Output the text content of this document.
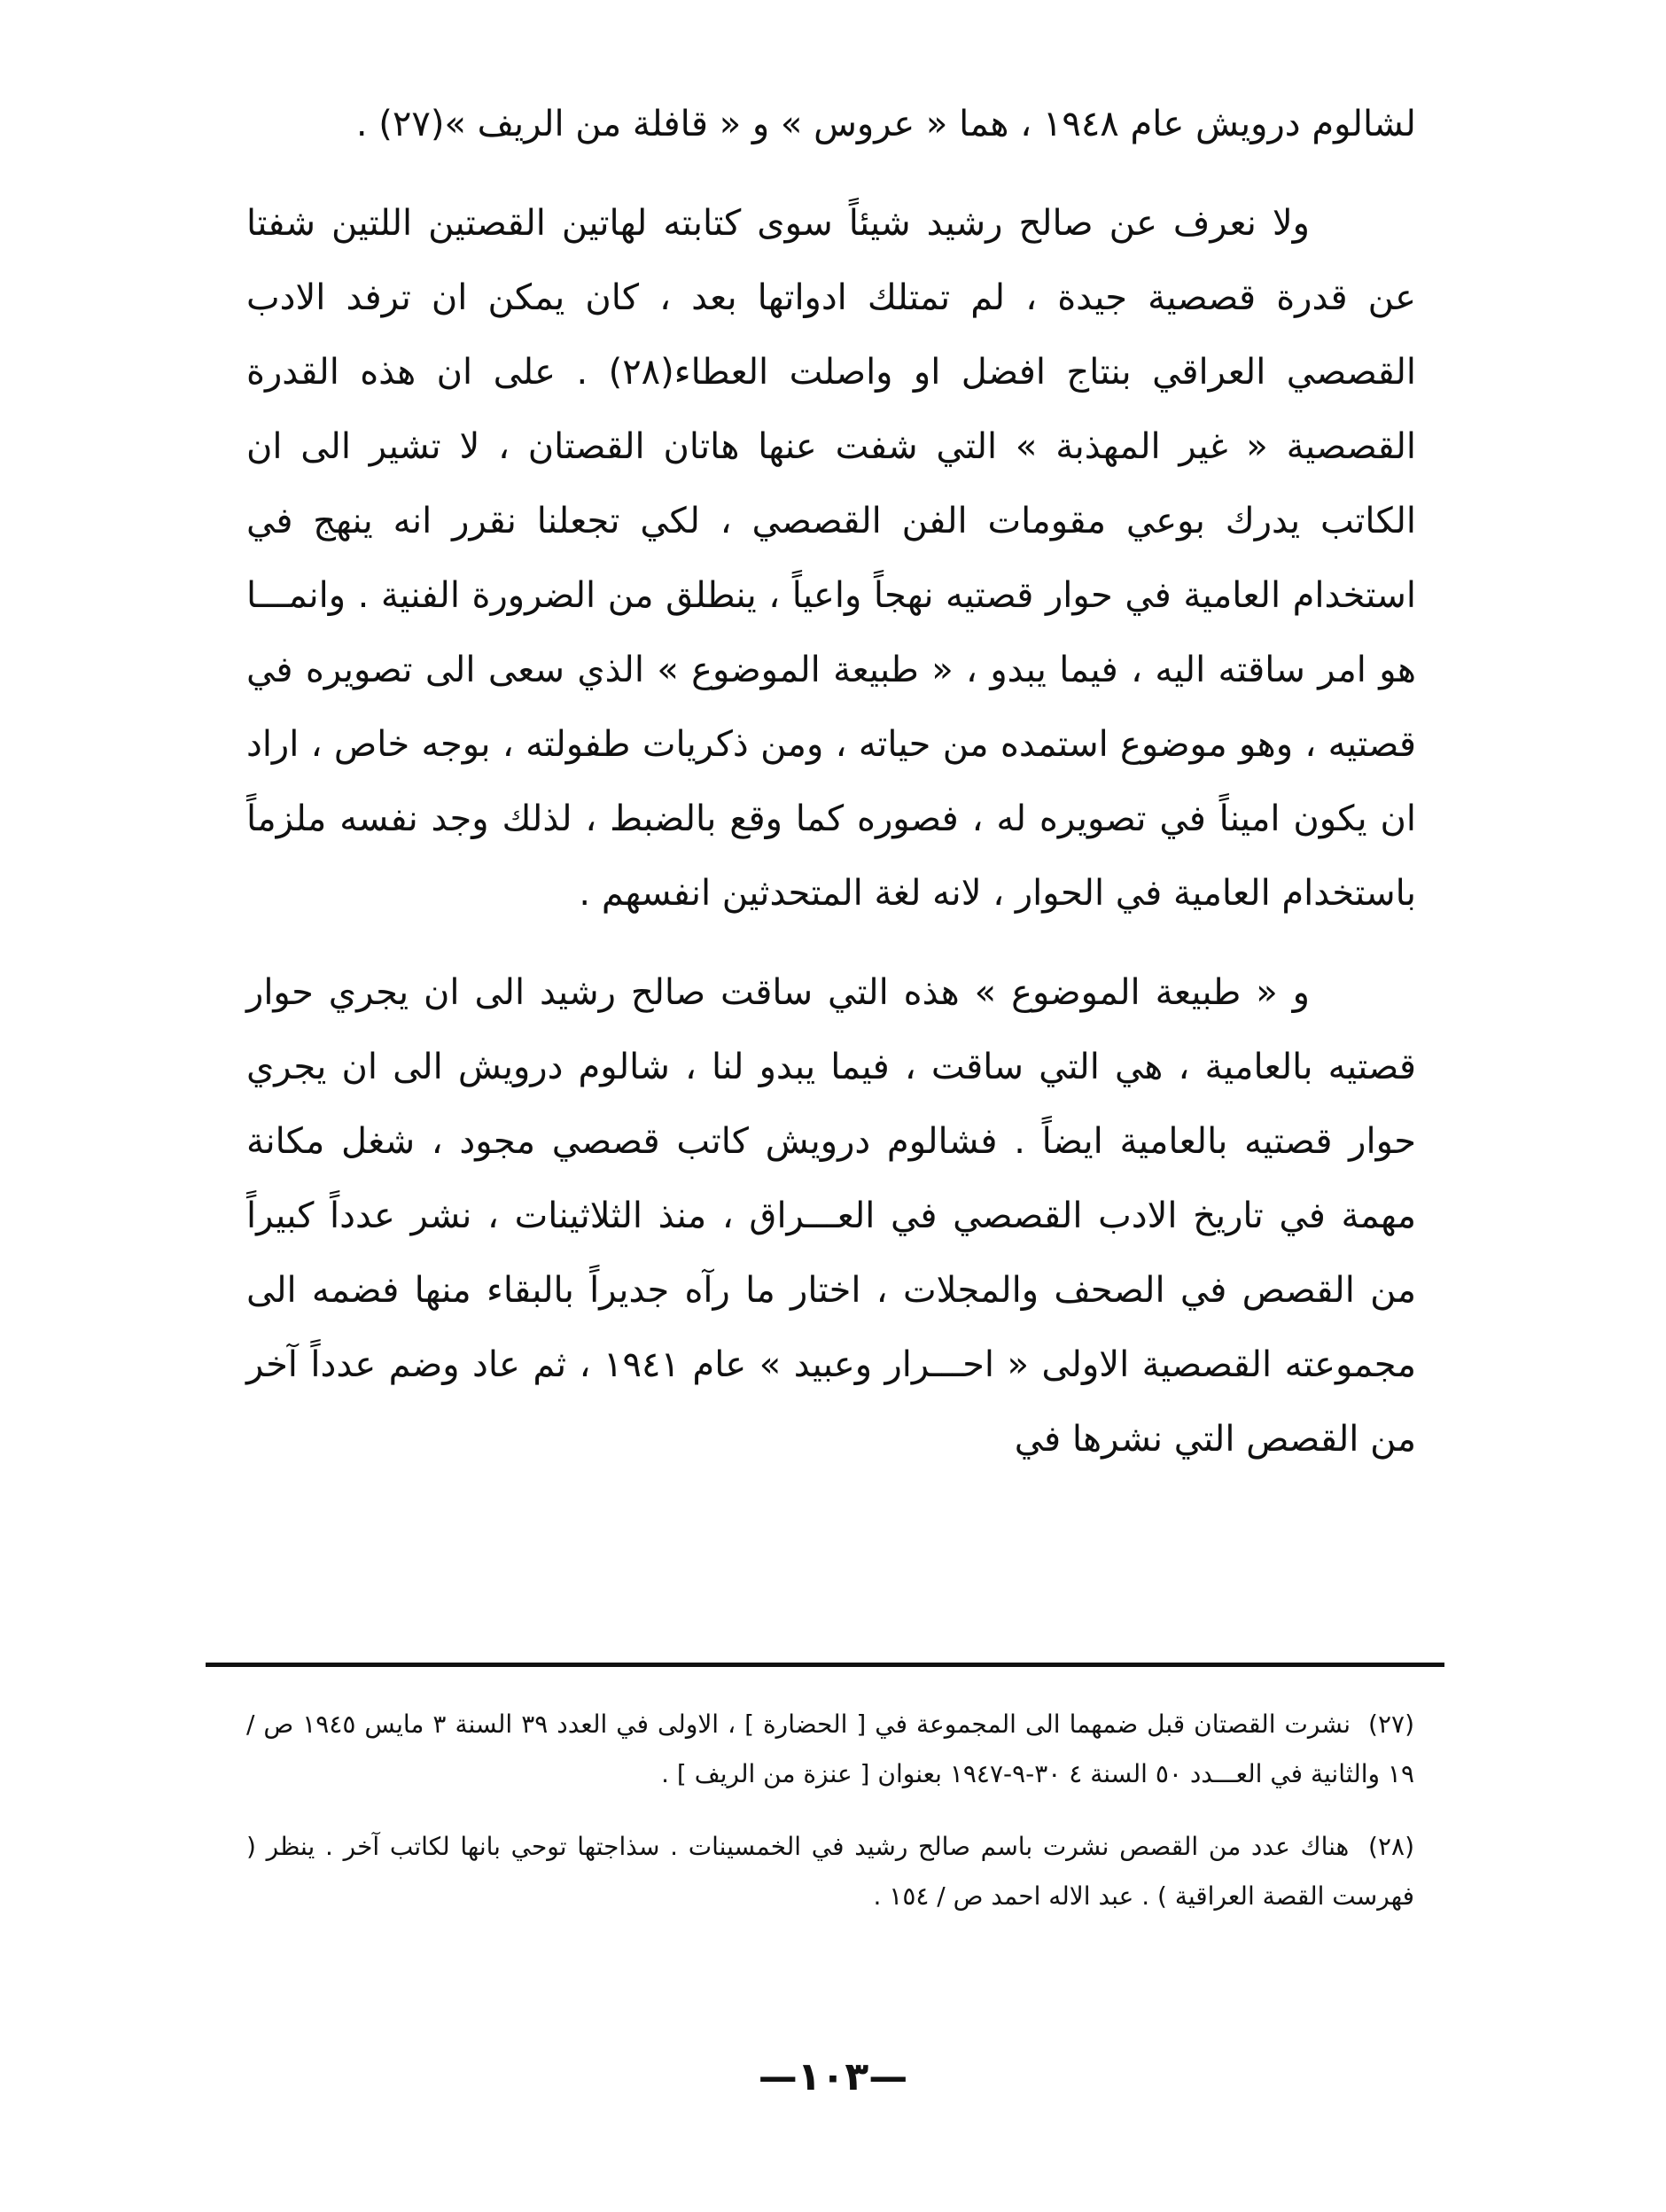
لشالوم درويش عام ١٩٤٨ ، هما « عروس » و « قافلة من الريف »(٢٧) .

ولا نعرف عن صالح رشيد شيئاً سوى كتابته لهاتين القصتين اللتين شفتا عن قدرة قصصية جيدة ، لم تمتلك ادواتها بعد ، كان يمكن ان ترفد الادب القصصي العراقي بنتاج افضل او واصلت العطاء(٢٨) . على ان هذه القدرة القصصية « غير المهذبة » التي شفت عنها هاتان القصتان ، لا تشير الى ان الكاتب يدرك بوعي مقومات الفن القصصي ، لكي تجعلنا نقرر انه ينهج في استخدام العامية في حوار قصتيه نهجاً واعياً ، ينطلق من الضرورة الفنية . وانمـــا هو امر ساقته اليه ، فيما يبدو ، « طبيعة الموضوع » الذي سعى الى تصويره في قصتيه ، وهو موضوع استمده من حياته ، ومن ذكريات طفولته ، بوجه خاص ، اراد ان يكون اميناً في تصويره له ، فصوره كما وقع بالضبط ، لذلك وجد نفسه ملزماً باستخدام العامية في الحوار ، لانه لغة المتحدثين انفسهم .

و « طبيعة الموضوع » هذه التي ساقت صالح رشيد الى ان يجري حوار قصتيه بالعامية ، هي التي ساقت ، فيما يبدو لنا ، شالوم درويش الى ان يجري حوار قصتيه بالعامية ايضاً . فشالوم درويش كاتب قصصي مجود ، شغل مكانة مهمة في تاريخ الادب القصصي في العـــراق ، منذ الثلاثينات ، نشر عدداً كبيراً من القصص في الصحف والمجلات ، اختار ما رآه جديراً بالبقاء منها فضمه الى مجموعته القصصية الاولى « احـــرار وعبيد » عام ١٩٤١ ، ثم عاد وضم عدداً آخر من القصص التي نشرها في

(٢٧) نشرت القصتان قبل ضمهما الى المجموعة في [ الحضارة ] ، الاولى في العدد ٣٩ السنة ٣ مايس ١٩٤٥ ص / ١٩ والثانية في العـــدد ٥٠ السنة ٤ ٣٠-٩-١٩٤٧ بعنوان [ عنزة من الريف ] .

(٢٨) هناك عدد من القصص نشرت باسم صالح رشيد في الخمسينات . سذاجتها توحي بانها لكاتب آخر . ينظر ( فهرست القصة العراقية ) . عبد الاله احمد ص / ١٥٤ .

—١٠٣—
